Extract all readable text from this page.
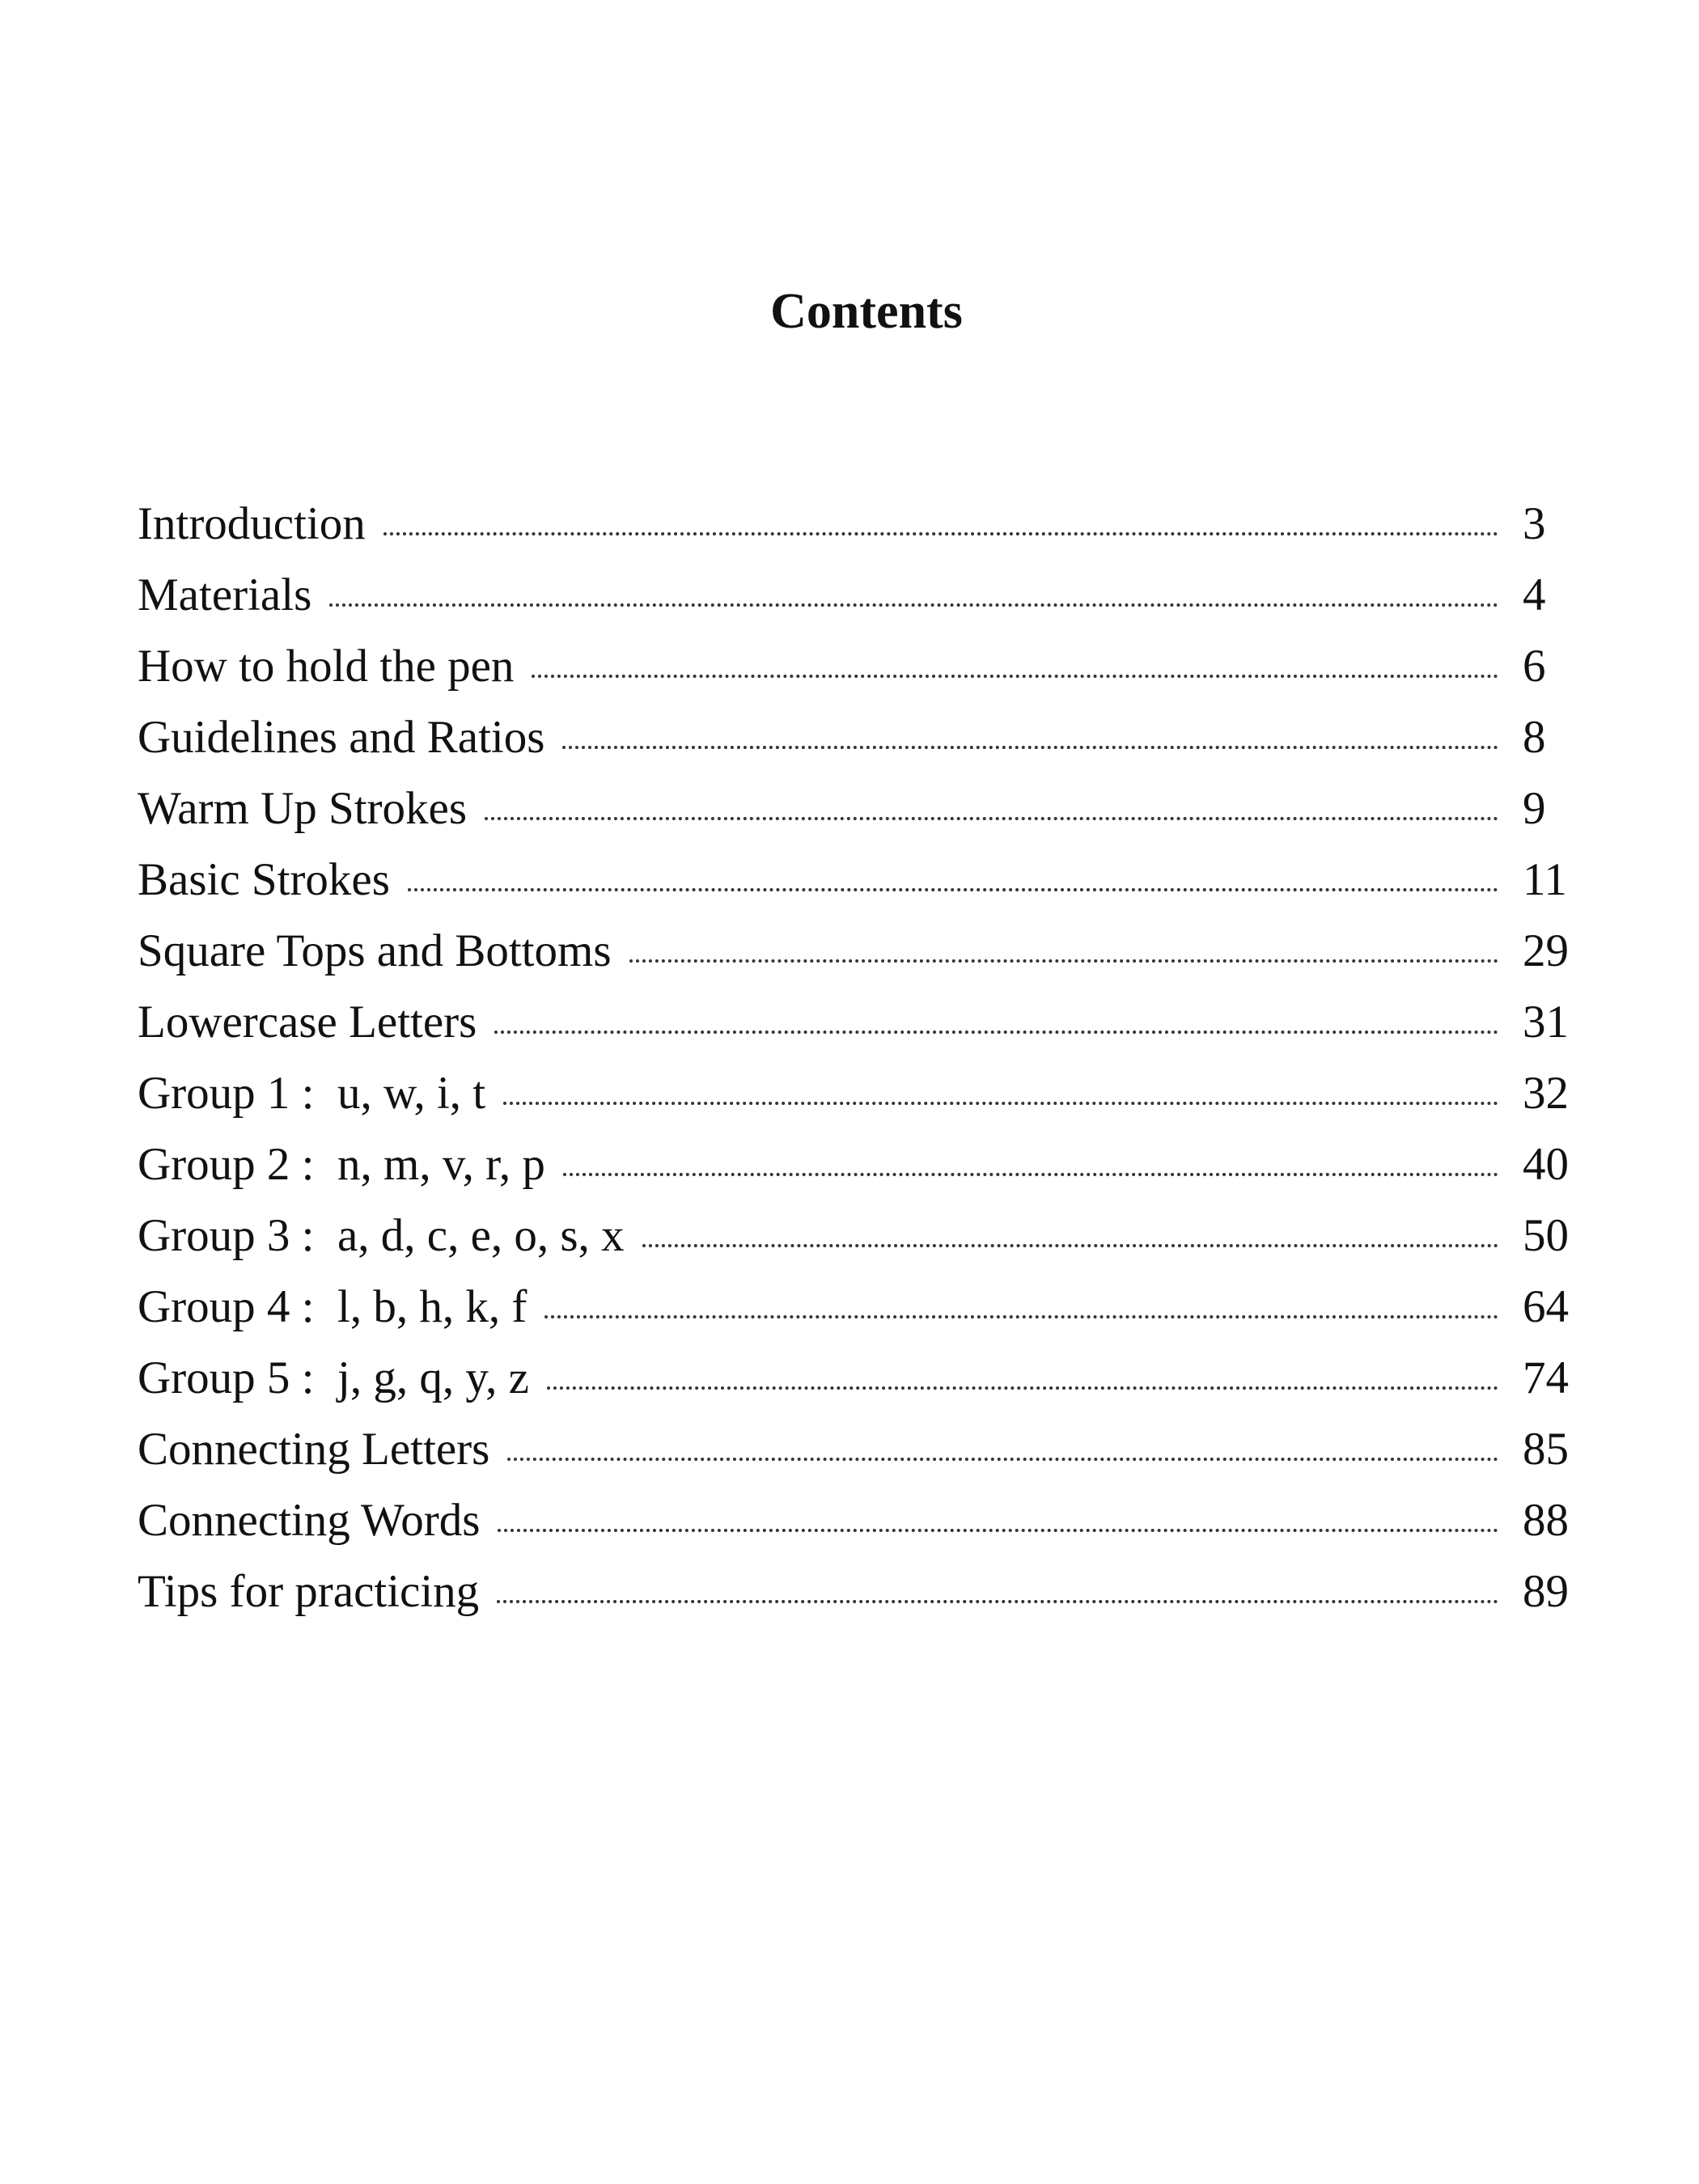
Contents
Introduction	3
Materials	4
How to hold the pen	6
Guidelines and Ratios	8
Warm Up Strokes	9
Basic Strokes	11
Square Tops and Bottoms	29
Lowercase Letters	31
Group 1 :  u, w, i, t	32
Group 2 :  n, m, v, r, p	40
Group 3 :  a, d, c, e, o, s, x	50
Group 4 :  l, b, h, k, f	64
Group 5 :  j, g, q, y, z	74
Connecting Letters	85
Connecting Words	88
Tips for practicing	89
